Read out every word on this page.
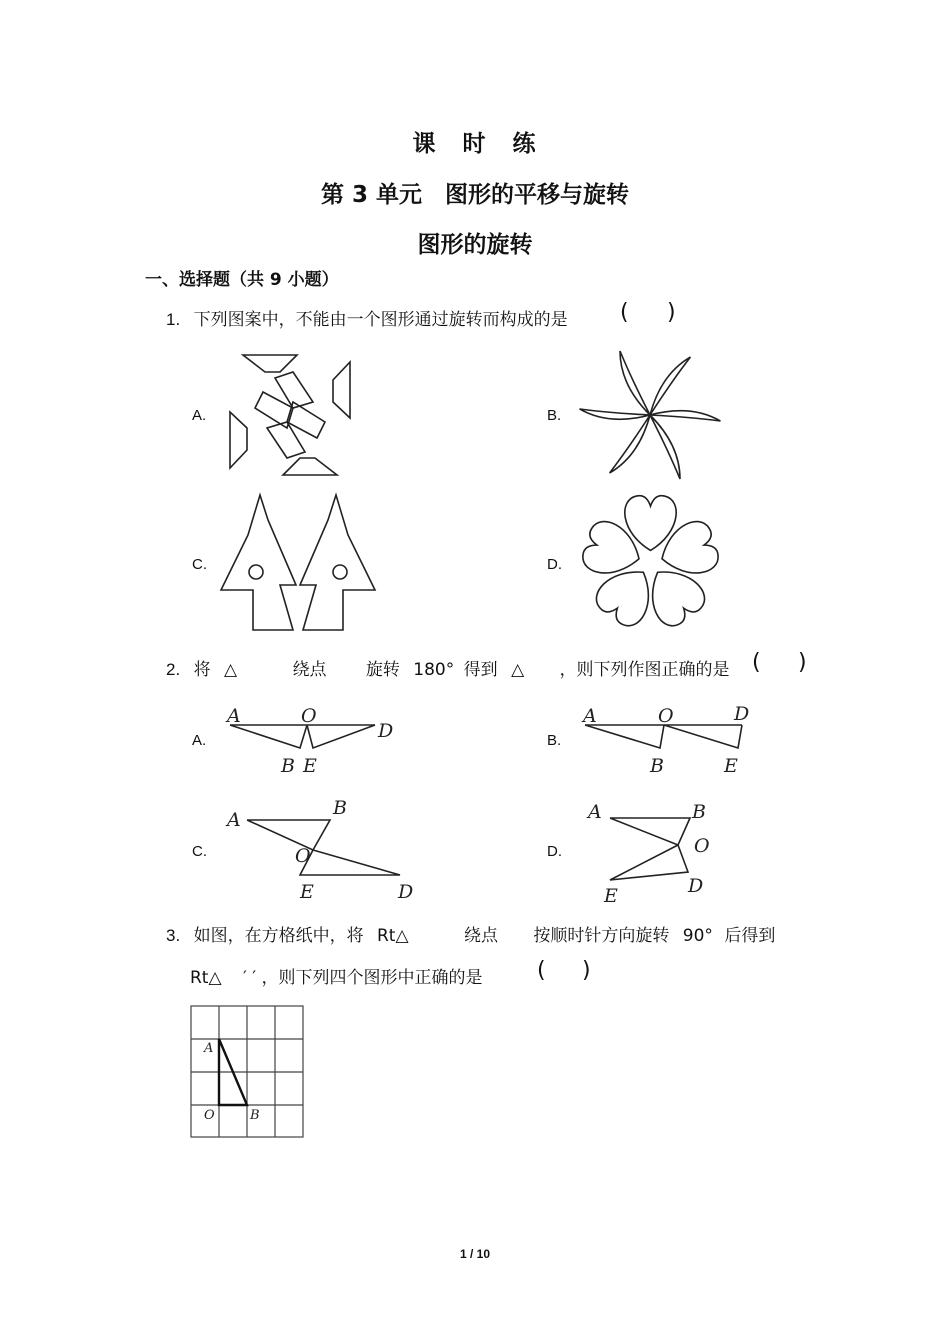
课　时　练
第 3 单元　图形的平移与旋转
图形的旋转
一、选择题（共 9 小题）
1. 下列图案中，不能由一个图形通过旋转而构成的是 ( )
A.	B.
C.	D.
2. 将 △	绕点 旋转 180° 得到 △ ，则下列作图正确的是 ( )
A.	B.
C.	D.
A	O
D
B E
A	O	D
B	E
A
B
O
E	D
A	B
O
D
E
3. 如图，在方格纸中，将 Rt△	绕点 按顺时针方向旋转 90° 后得到
Rt△ ′ ′ ，则下列四个图形中正确的是 ( )
A
O	B
1 / 10
